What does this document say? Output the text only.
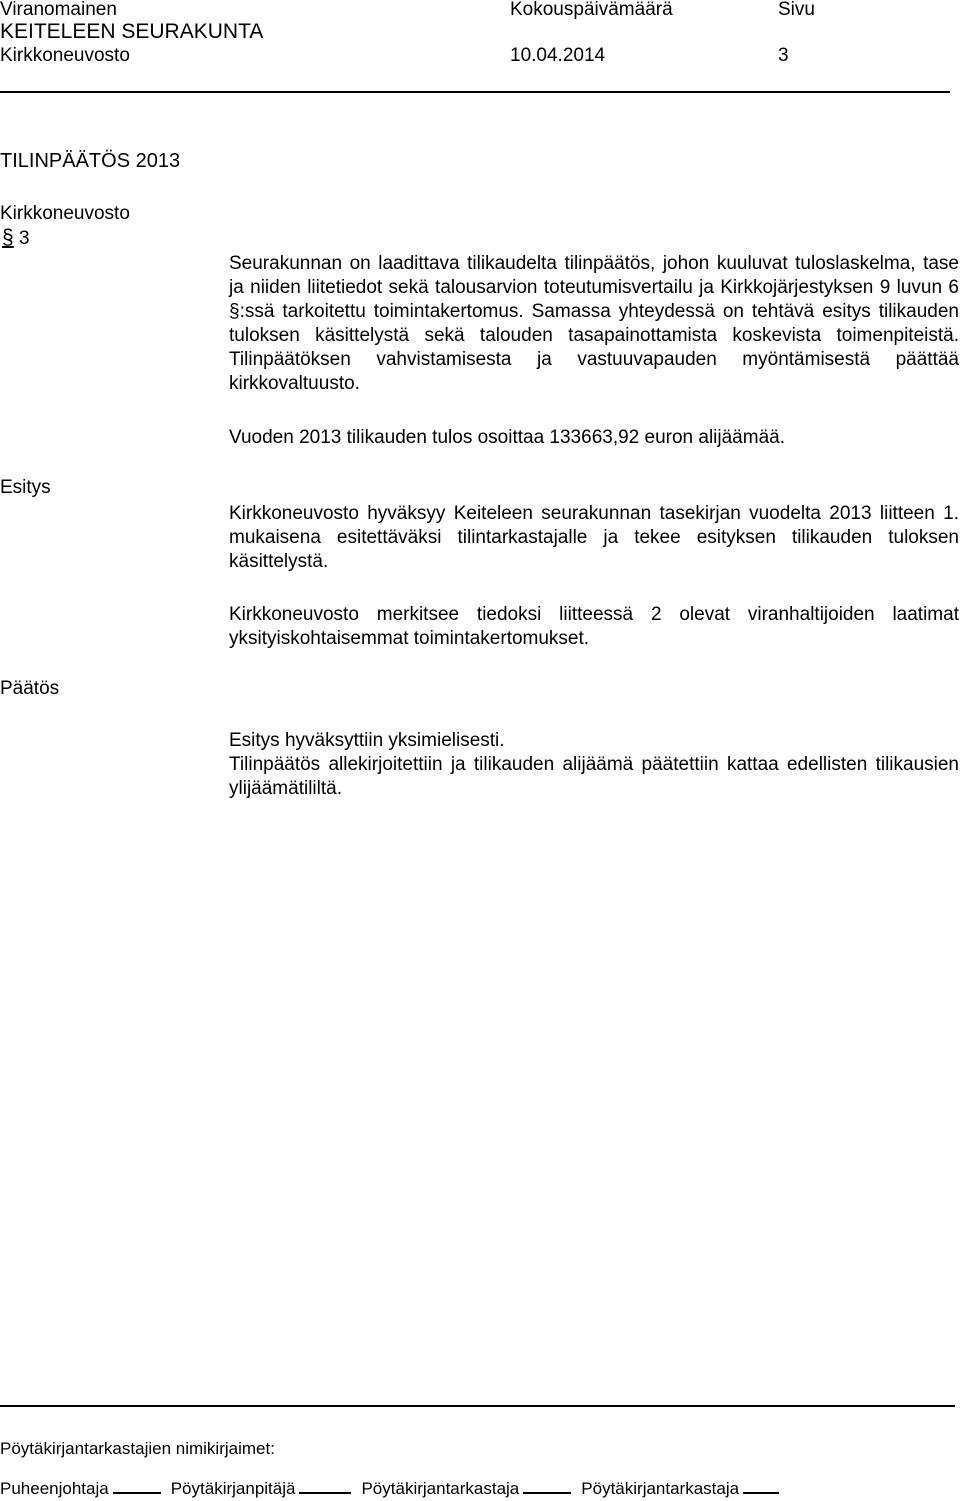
Viranomainen	Kokouspäivämäärä	Sivu
KEITELEEN SEURAKUNTA
Kirkkoneuvosto	10.04.2014	3
TILINPÄÄTÖS 2013
Kirkkoneuvosto
§ 3
Seurakunnan on laadittava tilikaudelta tilinpäätös, johon kuuluvat tuloslaskelma, tase ja niiden liitetiedot sekä talousarvion toteutumisvertailu ja Kirkkojärjestyksen 9 luvun 6 §:ssä tarkoitettu toimintakertomus. Samassa yhteydessä on tehtävä esitys tilikauden tuloksen käsittelystä sekä talouden tasapainottamista koskevista toimenpiteistä. Tilinpäätöksen vahvistamisesta ja vastuuvapauden myöntämisestä päättää kirkkovaltuusto.
Vuoden 2013 tilikauden tulos osoittaa 133663,92 euron alijäämää.
Esitys
Kirkkoneuvosto hyväksyy Keiteleen seurakunnan tasekirjan vuodelta 2013 liitteen 1. mukaisena esitettäväksi tilintarkastajalle ja tekee esityksen tilikauden tuloksen käsittelystä.
Kirkkoneuvosto merkitsee tiedoksi liitteessä 2 olevat viranhaltijoiden laatimat yksityiskohtaisemmat toimintakertomukset.
Päätös
Esitys hyväksyttiin yksimielisesti.
Tilinpäätös allekirjoitettiin ja tilikauden alijäämä päätettiin kattaa edellisten tilikausien ylijäämätililtä.
Pöytäkirjantarkastajien nimikirjaimet:
Puheenjohtaja	Pöytäkirjanpitäjä	Pöytäkirjantarkastaja	Pöytäkirjantarkastaja
